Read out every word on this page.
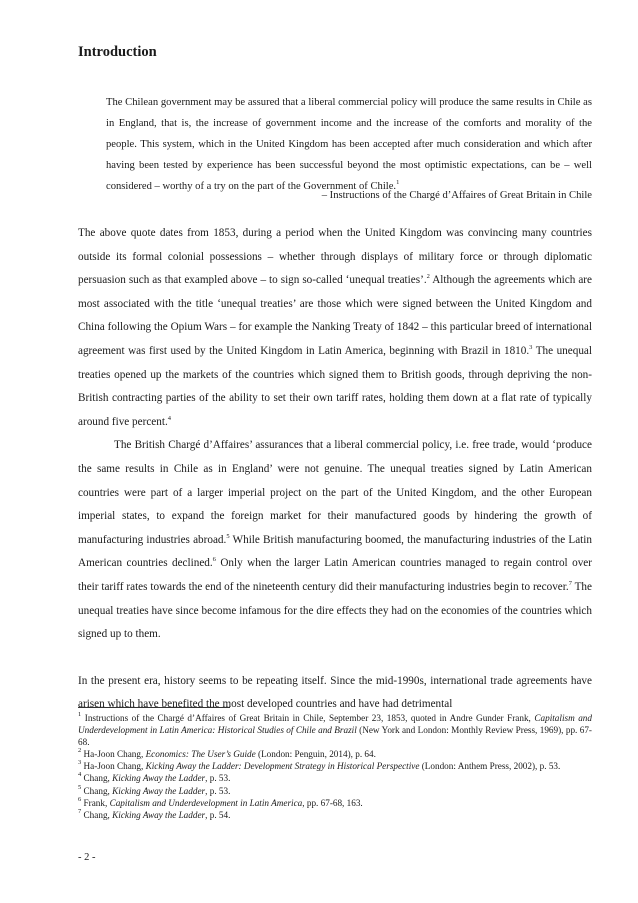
Introduction

The Chilean government may be assured that a liberal commercial policy will produce the same results in Chile as in England, that is, the increase of government income and the increase of the comforts and morality of the people. This system, which in the United Kingdom has been accepted after much consideration and which after having been tested by experience has been successful beyond the most optimistic expectations, can be – well considered – worthy of a try on the part of the Government of Chile.$^1$

– Instructions of the Chargé d’Affaires of Great Britain in Chile

The above quote dates from 1853, during a period when the United Kingdom was convincing many countries outside its formal colonial possessions – whether through displays of military force or through diplomatic persuasion such as that exampled above – to sign so-called ‘unequal treaties’.$^2$ Although the agreements which are most associated with the title ‘unequal treaties’ are those which were signed between the United Kingdom and China following the Opium Wars – for example the Nanking Treaty of 1842 – this particular breed of international agreement was first used by the United Kingdom in Latin America, beginning with Brazil in 1810.$^3$ The unequal treaties opened up the markets of the countries which signed them to British goods, through depriving the non-British contracting parties of the ability to set their own tariff rates, holding them down at a flat rate of typically around five percent.$^4$

The British Chargé d’Affaires’ assurances that a liberal commercial policy, i.e. free trade, would ‘produce the same results in Chile as in England’ were not genuine. The unequal treaties signed by Latin American countries were part of a larger imperial project on the part of the United Kingdom, and the other European imperial states, to expand the foreign market for their manufactured goods by hindering the growth of manufacturing industries abroad.$^5$ While British manufacturing boomed, the manufacturing industries of the Latin American countries declined.$^6$ Only when the larger Latin American countries managed to regain control over their tariff rates towards the end of the nineteenth century did their manufacturing industries begin to recover.$^7$ The unequal treaties have since become infamous for the dire effects they had on the economies of the countries which signed up to them.

In the present era, history seems to be repeating itself. Since the mid-1990s, international trade agreements have arisen which have benefited the most developed countries and have had detrimental

$^1$ Instructions of the Chargé d’Affaires of Great Britain in Chile, September 23, 1853, quoted in Andre Gunder Frank, Capitalism and Underdevelopment in Latin America: Historical Studies of Chile and Brazil (New York and London: Monthly Review Press, 1969), pp. 67-68.

$^2$ Ha-Joon Chang, Economics: The User’s Guide (London: Penguin, 2014), p. 64.

$^3$ Ha-Joon Chang, Kicking Away the Ladder: Development Strategy in Historical Perspective (London: Anthem Press, 2002), p. 53.

$^4$ Chang, Kicking Away the Ladder, p. 53.

$^5$ Chang, Kicking Away the Ladder, p. 53.

$^6$ Frank, Capitalism and Underdevelopment in Latin America, pp. 67-68, 163.

$^7$ Chang, Kicking Away the Ladder, p. 54.

- 2 -
